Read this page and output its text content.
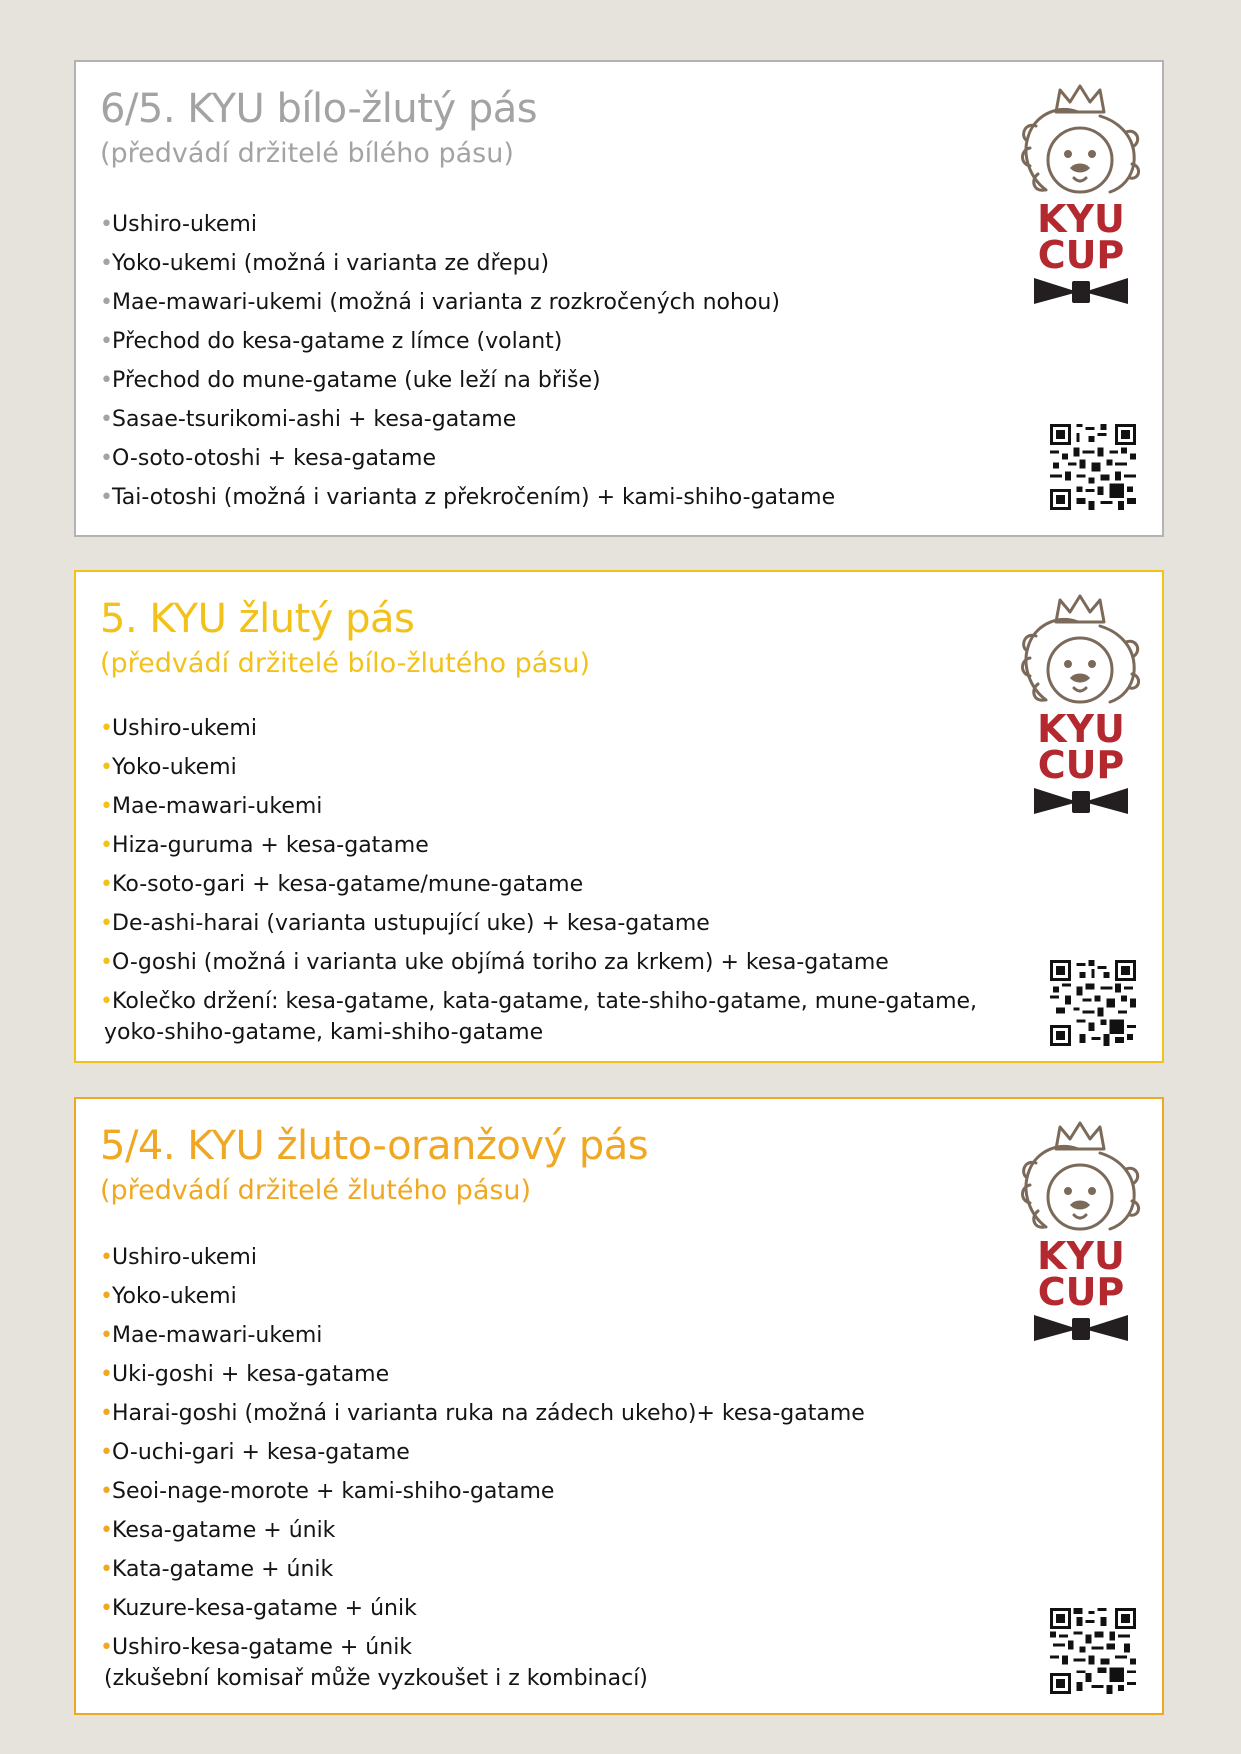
6/5. KYU bílo-žlutý pás

(předvádí držitelé bílého pásu)

•Ushiro-ukemi
•Yoko-ukemi (možná i varianta ze dřepu)
•Mae-mawari-ukemi (možná i varianta z rozkročených nohou)
•Přechod do kesa-gatame z límce (volant)
•Přechod do mune-gatame (uke leží na břiše)
•Sasae-tsurikomi-ashi + kesa-gatame
•O-soto-otoshi + kesa-gatame
•Tai-otoshi (možná i varianta z překročením) + kami-shiho-gatame
KYU
CUP
5. KYU žlutý pás

(předvádí držitelé bílo-žlutého pásu)

•Ushiro-ukemi
•Yoko-ukemi
•Mae-mawari-ukemi
•Hiza-guruma + kesa-gatame
•Ko-soto-gari + kesa-gatame/mune-gatame
•De-ashi-harai (varianta ustupující uke) + kesa-gatame
•O-goshi (možná i varianta uke objímá toriho za krkem) + kesa-gatame
•Kolečko držení: kesa-gatame, kata-gatame, tate-shiho-gatame, mune-gatame,
yoko-shiho-gatame, kami-shiho-gatame
KYU
CUP
5/4. KYU žluto-oranžový pás

(předvádí držitelé žlutého pásu)

•Ushiro-ukemi
•Yoko-ukemi
•Mae-mawari-ukemi
•Uki-goshi + kesa-gatame
•Harai-goshi (možná i varianta ruka na zádech ukeho)+ kesa-gatame
•O-uchi-gari + kesa-gatame
•Seoi-nage-morote + kami-shiho-gatame
•Kesa-gatame + únik
•Kata-gatame + únik
•Kuzure-kesa-gatame + únik
•Ushiro-kesa-gatame + únik
(zkušební komisař může vyzkoušet i z kombinací)
KYU
CUP
